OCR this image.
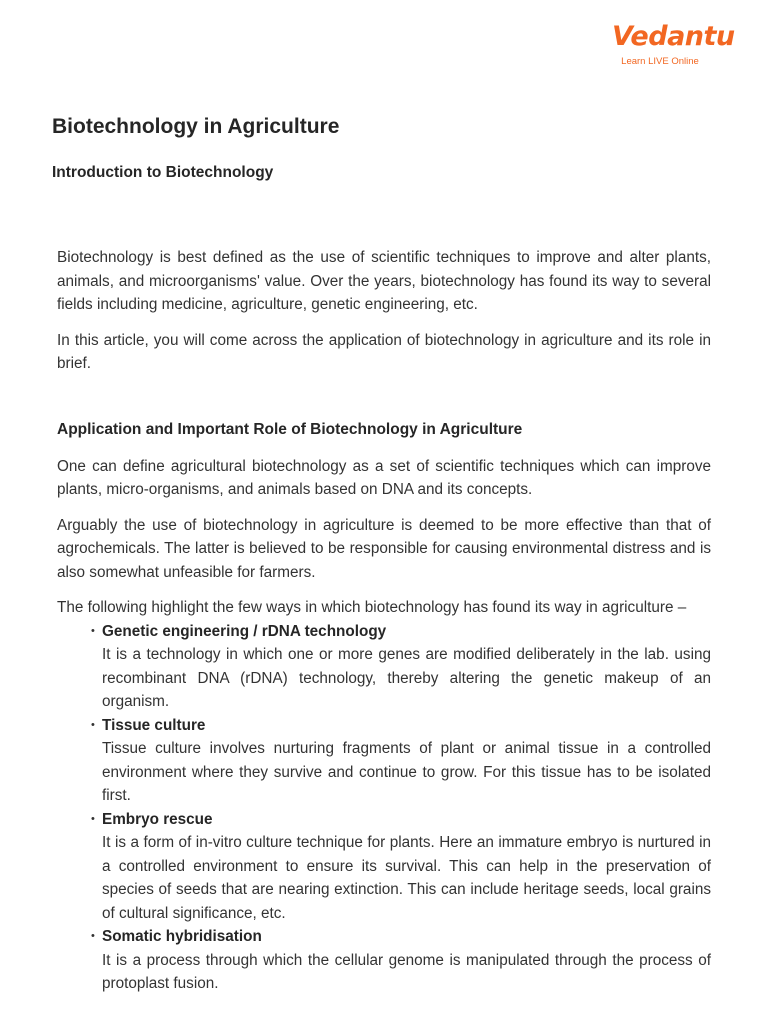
Vedantu
Learn LIVE Online
Biotechnology in Agriculture
Introduction to Biotechnology

Biotechnology is best defined as the use of scientific techniques to improve and alter plants, animals, and microorganisms' value. Over the years, biotechnology has found its way to several fields including medicine, agriculture, genetic engineering, etc.

In this article, you will come across the application of biotechnology in agriculture and its role in brief.

Application and Important Role of Biotechnology in Agriculture

One can define agricultural biotechnology as a set of scientific techniques which can improve plants, micro-organisms, and animals based on DNA and its concepts.

Arguably the use of biotechnology in agriculture is deemed to be more effective than that of agrochemicals. The latter is believed to be responsible for causing environmental distress and is also somewhat unfeasible for farmers.

The following highlight the few ways in which biotechnology has found its way in agriculture –

• Genetic engineering / rDNA technology
It is a technology in which one or more genes are modified deliberately in the lab. using recombinant DNA (rDNA) technology, thereby altering the genetic makeup of an organism.
• Tissue culture
Tissue culture involves nurturing fragments of plant or animal tissue in a controlled environment where they survive and continue to grow. For this tissue has to be isolated first.
• Embryo rescue
It is a form of in-vitro culture technique for plants. Here an immature embryo is nurtured in a controlled environment to ensure its survival. This can help in the preservation of species of seeds that are nearing extinction. This can include heritage seeds, local grains of cultural significance, etc.
• Somatic hybridisation
It is a process through which the cellular genome is manipulated through the process of protoplast fusion.
